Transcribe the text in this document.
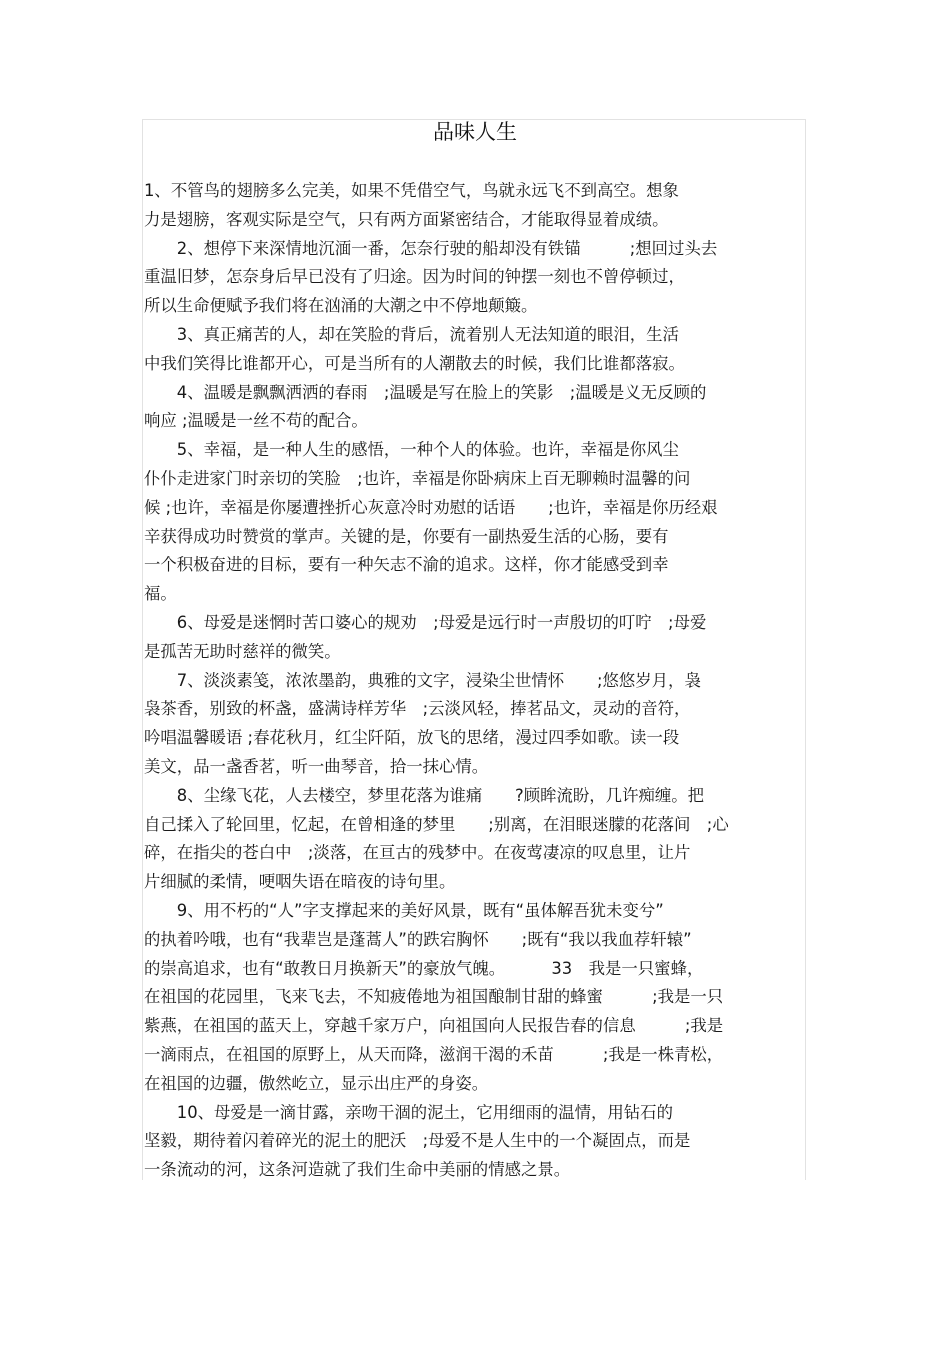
品味人生
1、不管鸟的翅膀多么完美，如果不凭借空气，鸟就永远飞不到高空。想象
力是翅膀，客观实际是空气，只有两方面紧密结合，才能取得显着成绩。
　　2、想停下来深情地沉湎一番，怎奈行驶的船却没有铁锚　　　;想回过头去
重温旧梦，怎奈身后早已没有了归途。因为时间的钟摆一刻也不曾停顿过，
所以生命便赋予我们将在汹涌的大潮之中不停地颠簸。
　　3、真正痛苦的人，却在笑脸的背后，流着别人无法知道的眼泪，生活
中我们笑得比谁都开心，可是当所有的人潮散去的时候，我们比谁都落寂。
　　4、温暖是飘飘洒洒的春雨　;温暖是写在脸上的笑影　;温暖是义无反顾的
响应 ;温暖是一丝不苟的配合。
　　5、幸福，是一种人生的感悟，一种个人的体验。也许，幸福是你风尘
仆仆走进家门时亲切的笑脸　;也许，幸福是你卧病床上百无聊赖时温馨的问
候 ;也许，幸福是你屡遭挫折心灰意冷时劝慰的话语　　;也许，幸福是你历经艰
辛获得成功时赞赏的掌声。关键的是，你要有一副热爱生活的心肠，要有
一个积极奋进的目标，要有一种矢志不渝的追求。这样，你才能感受到幸
福。
　　6、母爱是迷惘时苦口婆心的规劝　;母爱是远行时一声殷切的叮咛　;母爱
是孤苦无助时慈祥的微笑。
　　7、淡淡素笺，浓浓墨韵，典雅的文字，浸染尘世情怀　　;悠悠岁月，袅
袅茶香，别致的杯盏，盛满诗样芳华　;云淡风轻，捧茗品文，灵动的音符，
吟唱温馨暖语 ;春花秋月，红尘阡陌，放飞的思绪，漫过四季如歌。读一段
美文，品一盏香茗，听一曲琴音，拾一抹心情。
　　8、尘缘飞花，人去楼空，梦里花落为谁痛　　?顾眸流盼，几许痴缠。把
自己揉入了轮回里，忆起，在曾相逢的梦里　　;别离，在泪眼迷朦的花落间　;心
碎，在指尖的苍白中　;淡落，在亘古的残梦中。在夜莺凄凉的叹息里，让片
片细腻的柔情，哽咽失语在暗夜的诗句里。
　　9、用不朽的“人”字支撑起来的美好风景，既有“虽体解吾犹未变兮”
的执着吟哦，也有“我辈岂是蓬蒿人”的跌宕胸怀　　;既有“我以我血荐轩辕”
的崇高追求，也有“敢教日月换新天”的豪放气魄。　　　 33　我是一只蜜蜂，
在祖国的花园里，飞来飞去，不知疲倦地为祖国酿制甘甜的蜂蜜　　　;我是一只
紫燕，在祖国的蓝天上，穿越千家万户，向祖国向人民报告春的信息　　　;我是
一滴雨点，在祖国的原野上，从天而降，滋润干渴的禾苗　　　;我是一株青松，
在祖国的边疆，傲然屹立，显示出庄严的身姿。
　　10、母爱是一滴甘露，亲吻干涸的泥土，它用细雨的温情，用钻石的
坚毅，期待着闪着碎光的泥土的肥沃　;母爱不是人生中的一个凝固点，而是
一条流动的河，这条河造就了我们生命中美丽的情感之景。
